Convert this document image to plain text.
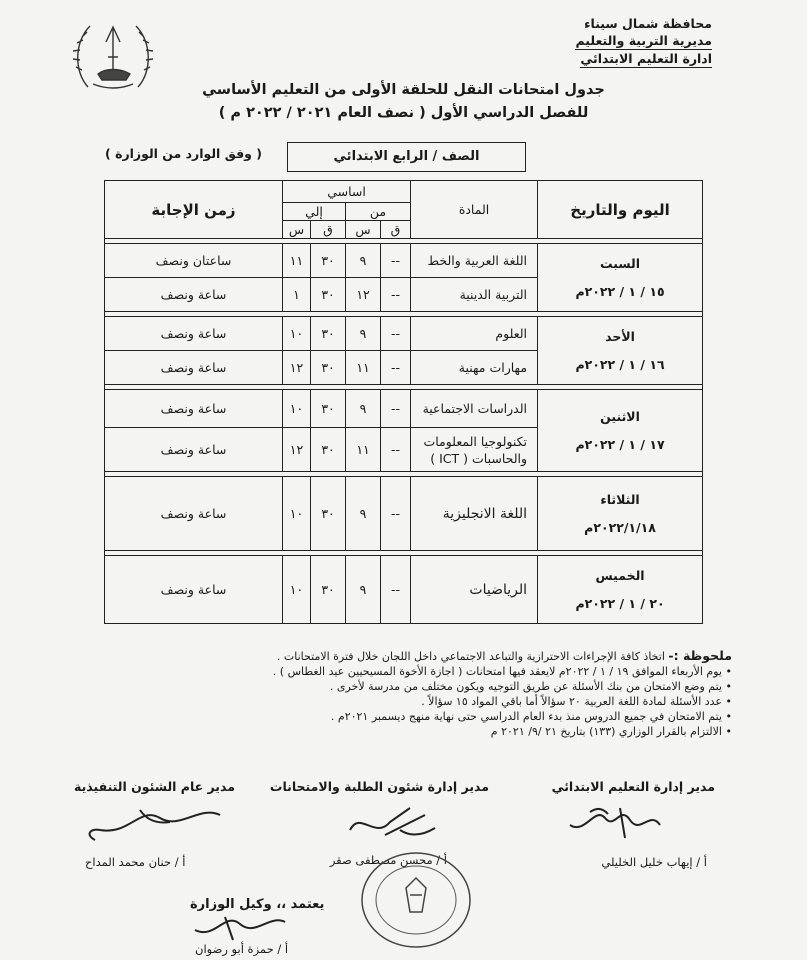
محافظة شمال سيناء
مديرية التربية والتعليم
ادارة التعليم الابتدائي
جدول امتحانات النقل للحلقة الأولى من التعليم الأساسي
للفصل الدراسي الأول ( نصف العام ٢٠٢١ / ٢٠٢٢ م )
الصف / الرابع الابتدائي
( وفق الوارد من الوزارة )
اليوم والتاريخ	المادة	اساسي				زمن الإجابة
		من		إلي		
		ق	س	ق	س	

السبت
١٥ / ١ / ٢٠٢٢م	اللغة العربية والخط	--	٩	٣٠	١١	ساعتان ونصف
	التربية الدينية	--	١٢	٣٠	١	ساعة ونصف

الأحد
١٦ / ١ / ٢٠٢٢م	العلوم	--	٩	٣٠	١٠	ساعة ونصف
	مهارات مهنية	--	١١	٣٠	١٢	ساعة ونصف

الاثنين
١٧ / ١ / ٢٠٢٢م	الدراسات الاجتماعية	--	٩	٣٠	١٠	ساعة ونصف
	تكنولوجيا المعلومات والحاسبات ( ICT )	--	١١	٣٠	١٢	ساعة ونصف

الثلاثاء
٢٠٢٢/١/١٨م	اللغة الانجليزية	--	٩	٣٠	١٠	ساعة ونصف

الخميس
٢٠ / ١ / ٢٠٢٢م	الرياضيات	--	٩	٣٠	١٠	ساعة ونصف
ملحوظة :- اتخاذ كافة الإجراءات الاحترازية والتباعد الاجتماعي داخل اللجان خلال فترة الامتحانات .
• يوم الأربعاء الموافق ١٩ / ١ / ٢٠٢٢م لايعقد فيها امتحانات ( اجازة الأخوة المسيحيين عيد الغطاس ) .
• يتم وضع الامتحان من بنك الأسئلة عن طريق التوجيه ويكون مختلف من مدرسة لأخرى .
• عدد الأسئلة لمادة اللغة العربية ٢٠ سؤالاً أما باقي المواد ١٥ سؤالاً .
• يتم الامتحان في جميع الدروس منذ بدء العام الدراسي حتى نهاية منهج ديسمبر ٢٠٢١م .
• الالتزام بالقرار الوزاري (١٣٣) بتاريخ ٢١ /٩/ ٢٠٢١ م
مدير إدارة التعليم الابتدائي
مدير إدارة شئون الطلبة والامتحانات
مدير عام الشئون التنفيذية
أ / إيهاب خليل الخليلي
أ / محسن مصطفى صقر
أ / حنان محمد المداح
يعتمد ،، وكيل الوزارة
أ / حمزة أبو رضوان
